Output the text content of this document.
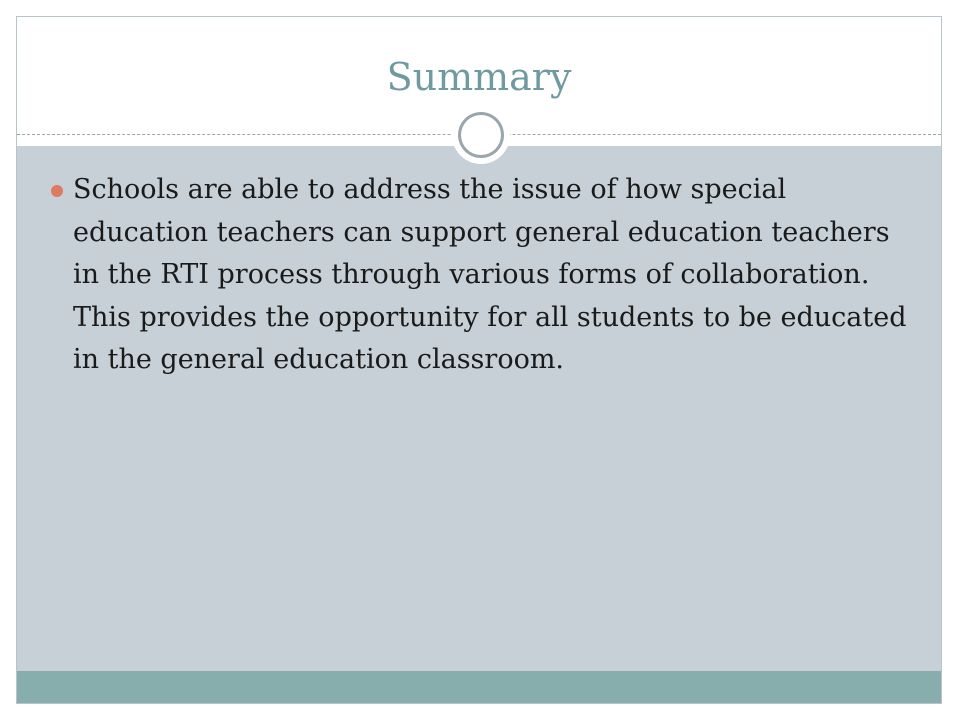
Summary
Schools are able to address the issue of how special education teachers can support general education teachers in the RTI process through various forms of collaboration. This provides the opportunity for all students to be educated in the general education classroom.
